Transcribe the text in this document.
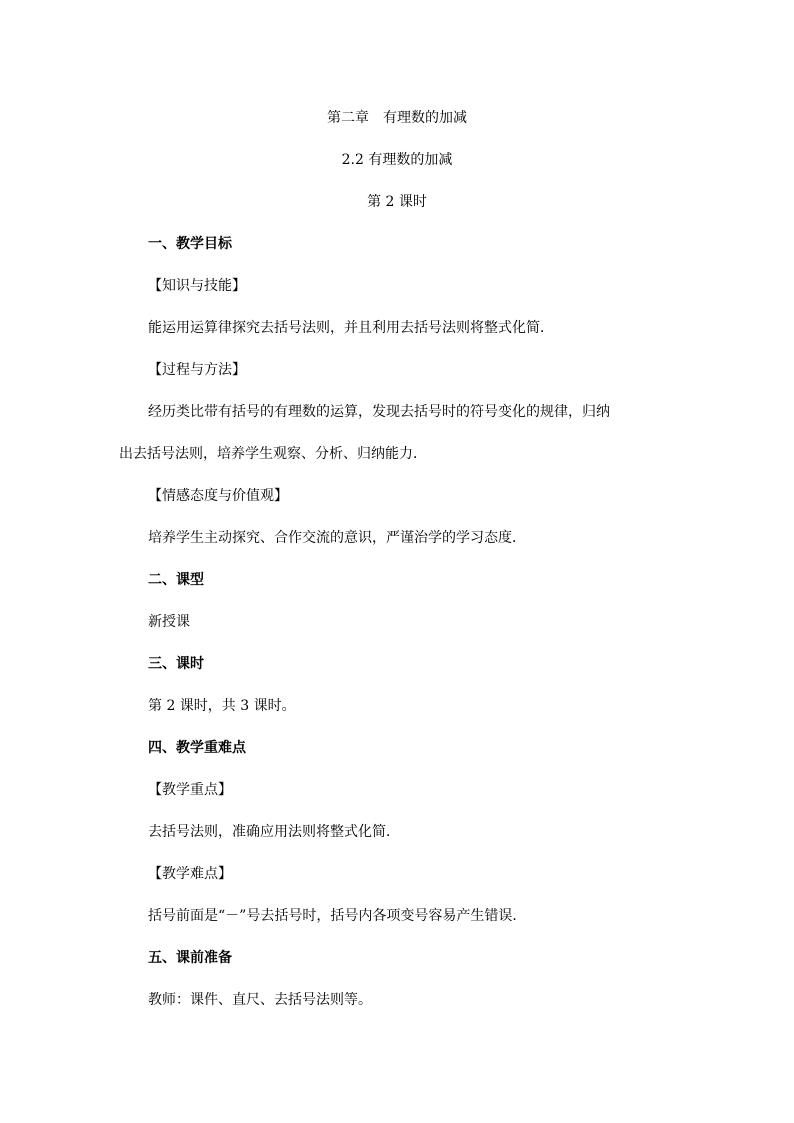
第二章　有理数的加减
2.2 有理数的加减
第 2 课时
一、教学目标
【知识与技能】
能运用运算律探究去括号法则，并且利用去括号法则将整式化简．
【过程与方法】
经历类比带有括号的有理数的运算，发现去括号时的符号变化的规律，归纳
出去括号法则，培养学生观察、分析、归纳能力．
【情感态度与价值观】
培养学生主动探究、合作交流的意识，严谨治学的学习态度．
二、课型
新授课
三、课时
第 2 课时，共 3 课时。
四、教学重难点
【教学重点】
去括号法则，准确应用法则将整式化简．
【教学难点】
括号前面是“－”号去括号时，括号内各项变号容易产生错误．
五、课前准备
教师：课件、直尺、去括号法则等。
